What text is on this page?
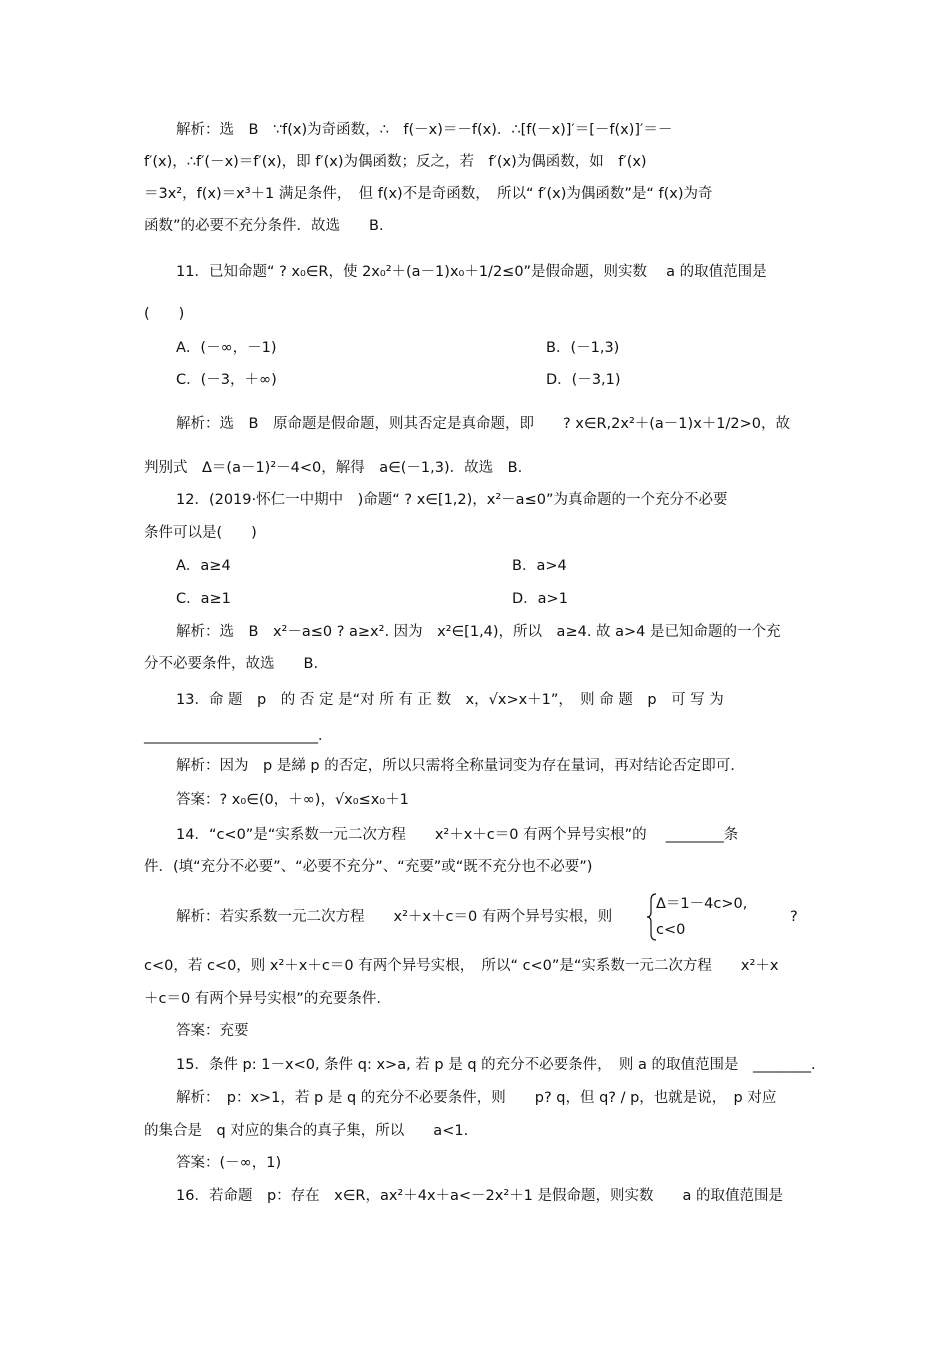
解析：选　B　∵f(x)为奇函数，∴　f(－x)＝－f(x)．∴[f(－x)]′＝[－f(x)]′＝－
f′(x)，∴f′(－x)＝f′(x)，即 f′(x)为偶函数；反之，若　f′(x)为偶函数，如　f′(x)
＝3x²，f(x)＝x³＋1 满足条件，　但 f(x)不是奇函数，　所以“ f′(x)为偶函数”是“ f(x)为奇
函数”的必要不充分条件．故选　　B.
11．已知命题“ ? x₀∈R，使 2x₀²＋(a－1)x₀＋1/2≤0”是假命题，则实数　 a 的取值范围是
(　　)
A．(－∞，－1)	B．(－1,3)
C．(－3，＋∞)	D．(－3,1)
解析：选　B　原命题是假命题，则其否定是真命题，即　　? x∈R,2x²＋(a－1)x＋1/2>0，故
判别式　Δ＝(a－1)²－4<0，解得　a∈(－1,3)．故选　B.
12．(2019·怀仁一中期中　)命题“ ? x∈[1,2)，x²－a≤0”为真命题的一个充分不必要
条件可以是(　　)
A．a≥4	B．a>4
C．a≥1	D．a>1
解析：选　B　x²－a≤0 ? a≥x². 因为　x²∈[1,4)，所以　a≥4. 故 a>4 是已知命题的一个充
分不必要条件，故选　　B.
13．命 题　p　的 否 定 是“对 所 有 正 数　x，√x>x＋1”，　则 命 题　p　可 写 为
________________________．
解析：因为　p 是綈 p 的否定，所以只需将全称量词变为存在量词，再对结论否定即可.
答案：? x₀∈(0，＋∞)，√x₀≤x₀＋1
14．“c<0”是“实系数一元二次方程　　x²＋x＋c＝0 有两个异号实根”的　 ________条
件．(填“充分不必要”、“必要不充分”、“充要”或“既不充分也不必要”)
解析：若实系数一元二次方程　　x²＋x＋c＝0 有两个异号实根，则
Δ＝1－4c>0,
c<0
?
c<0，若 c<0，则 x²＋x＋c＝0 有两个异号实根，　所以“ c<0”是“实系数一元二次方程　　x²＋x
＋c＝0 有两个异号实根”的充要条件.
答案：充要
15．条件 p: 1－x<0, 条件 q: x>a, 若 p 是 q 的充分不必要条件，　则 a 的取值范围是　________.
解析：　p：x>1，若 p 是 q 的充分不必要条件，则　　p? q，但 q? / p，也就是说，　p 对应
的集合是　q 对应的集合的真子集，所以　　a<1.
答案：(－∞，1)
16．若命题　p：存在　x∈R，ax²＋4x＋a<－2x²＋1 是假命题，则实数　　a 的取值范围是
